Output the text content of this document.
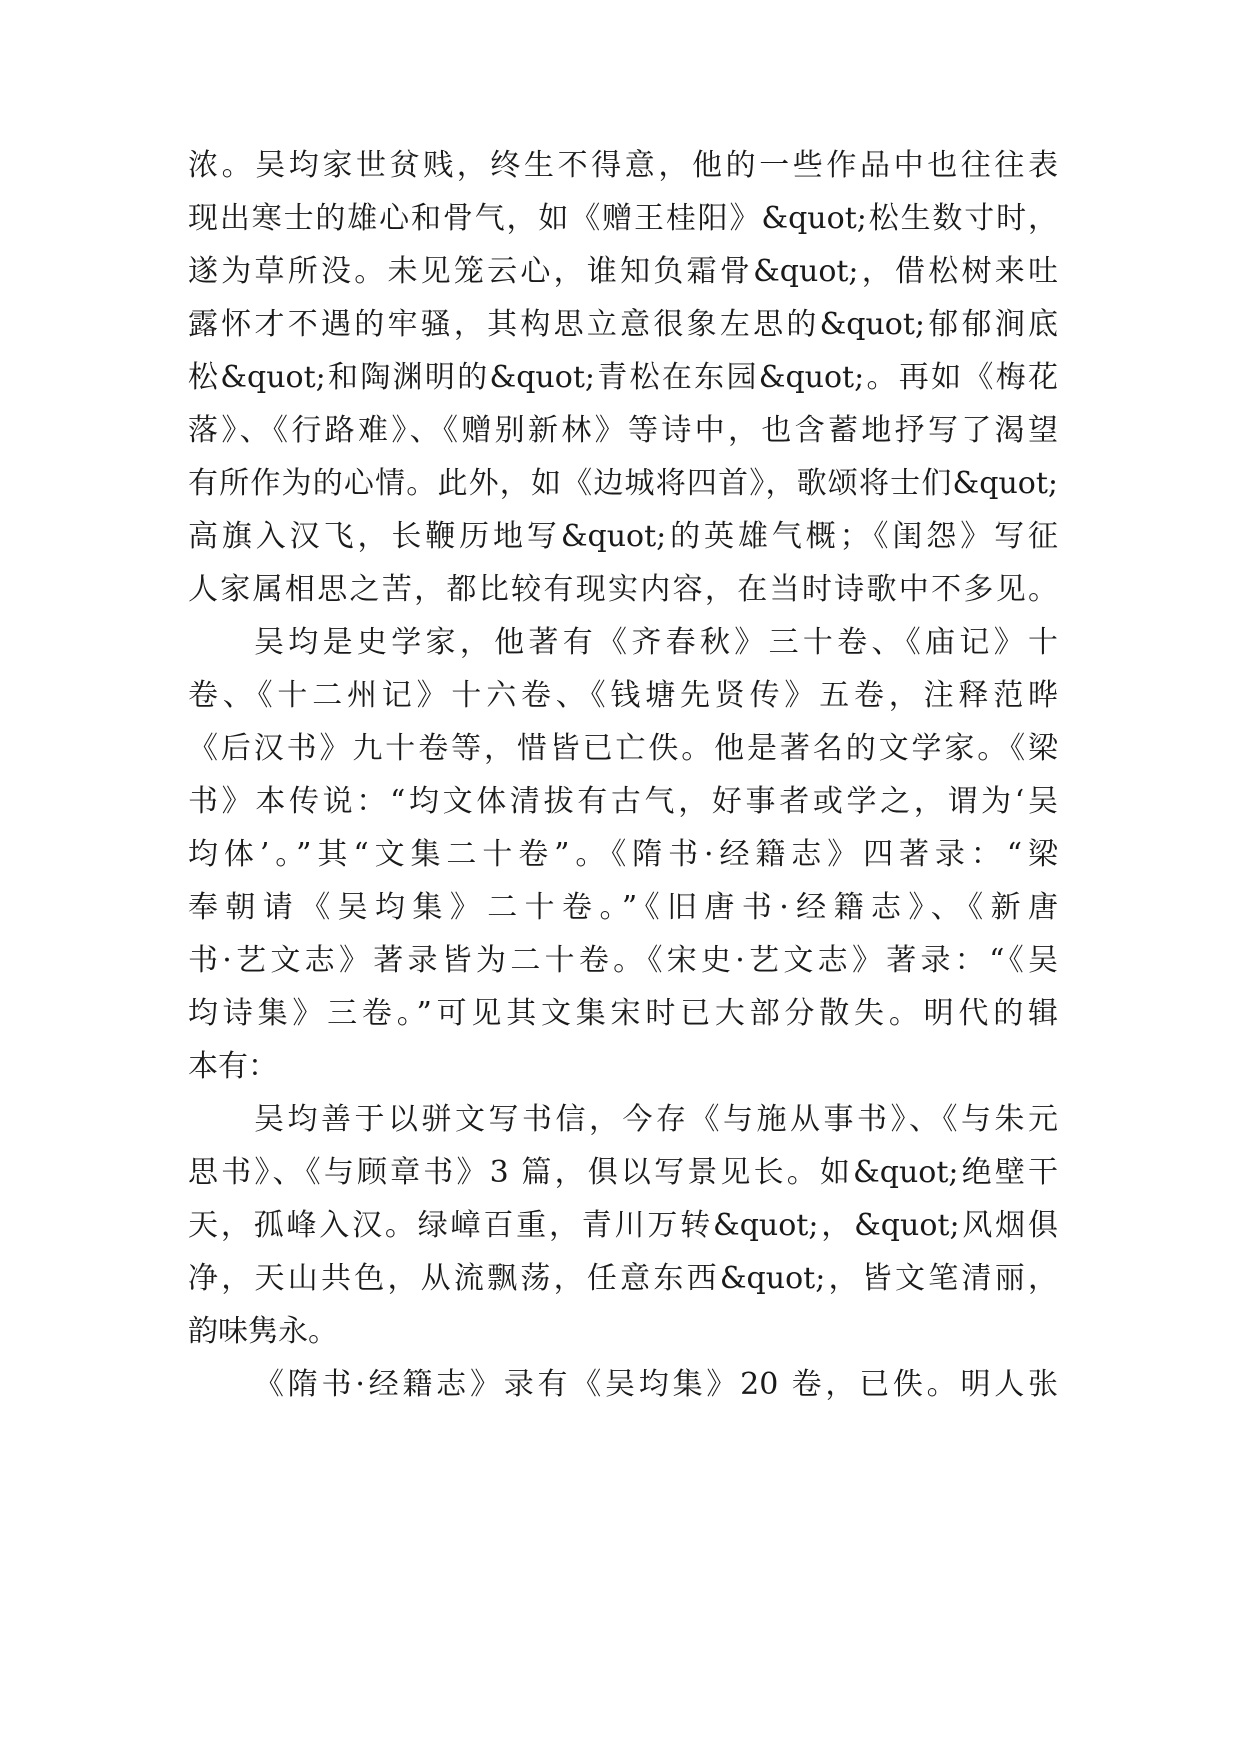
浓。吴均家世贫贱，终生不得意，他的一些作品中也往往表
现出寒士的雄心和骨气，如《赠王桂阳》&quot;松生数寸时，
遂为草所没。未见笼云心，谁知负霜骨&quot;，借松树来吐
露怀才不遇的牢骚，其构思立意很象左思的&quot;郁郁涧底
松&quot;和陶渊明的&quot;青松在东园&quot;。再如《梅花
落》、《行路难》、《赠别新林》等诗中，也含蓄地抒写了渴望
有所作为的心情。此外，如《边城将四首》，歌颂将士们&quot;
高旗入汉飞，长鞭历地写&quot;的英雄气概；《闺怨》写征
人家属相思之苦，都比较有现实内容，在当时诗歌中不多见。
吴均是史学家，他著有《齐春秋》三十卷、《庙记》十
卷、《十二州记》十六卷、《钱塘先贤传》五卷，注释范晔
《后汉书》九十卷等，惜皆已亡佚。他是著名的文学家。《梁
书》本传说：“均文体清拔有古气，好事者或学之，谓为‘吴
均体’。”其“文集二十卷”。《隋书·经籍志》四著录：“梁
奉朝请《吴均集》二十卷。”《旧唐书·经籍志》、《新唐
书·艺文志》著录皆为二十卷。《宋史·艺文志》著录：“《吴
均诗集》三卷。”可见其文集宋时已大部分散失。明代的辑
本有：
吴均善于以骈文写书信，今存《与施从事书》、《与朱元
思书》、《与顾章书》3 篇，俱以写景见长。如&quot;绝壁干
天，孤峰入汉。绿嶂百重，青川万转&quot;，&quot;风烟俱
净，天山共色，从流飘荡，任意东西&quot;，皆文笔清丽，
韵味隽永。
《隋书·经籍志》录有《吴均集》20 卷，已佚。明人张
